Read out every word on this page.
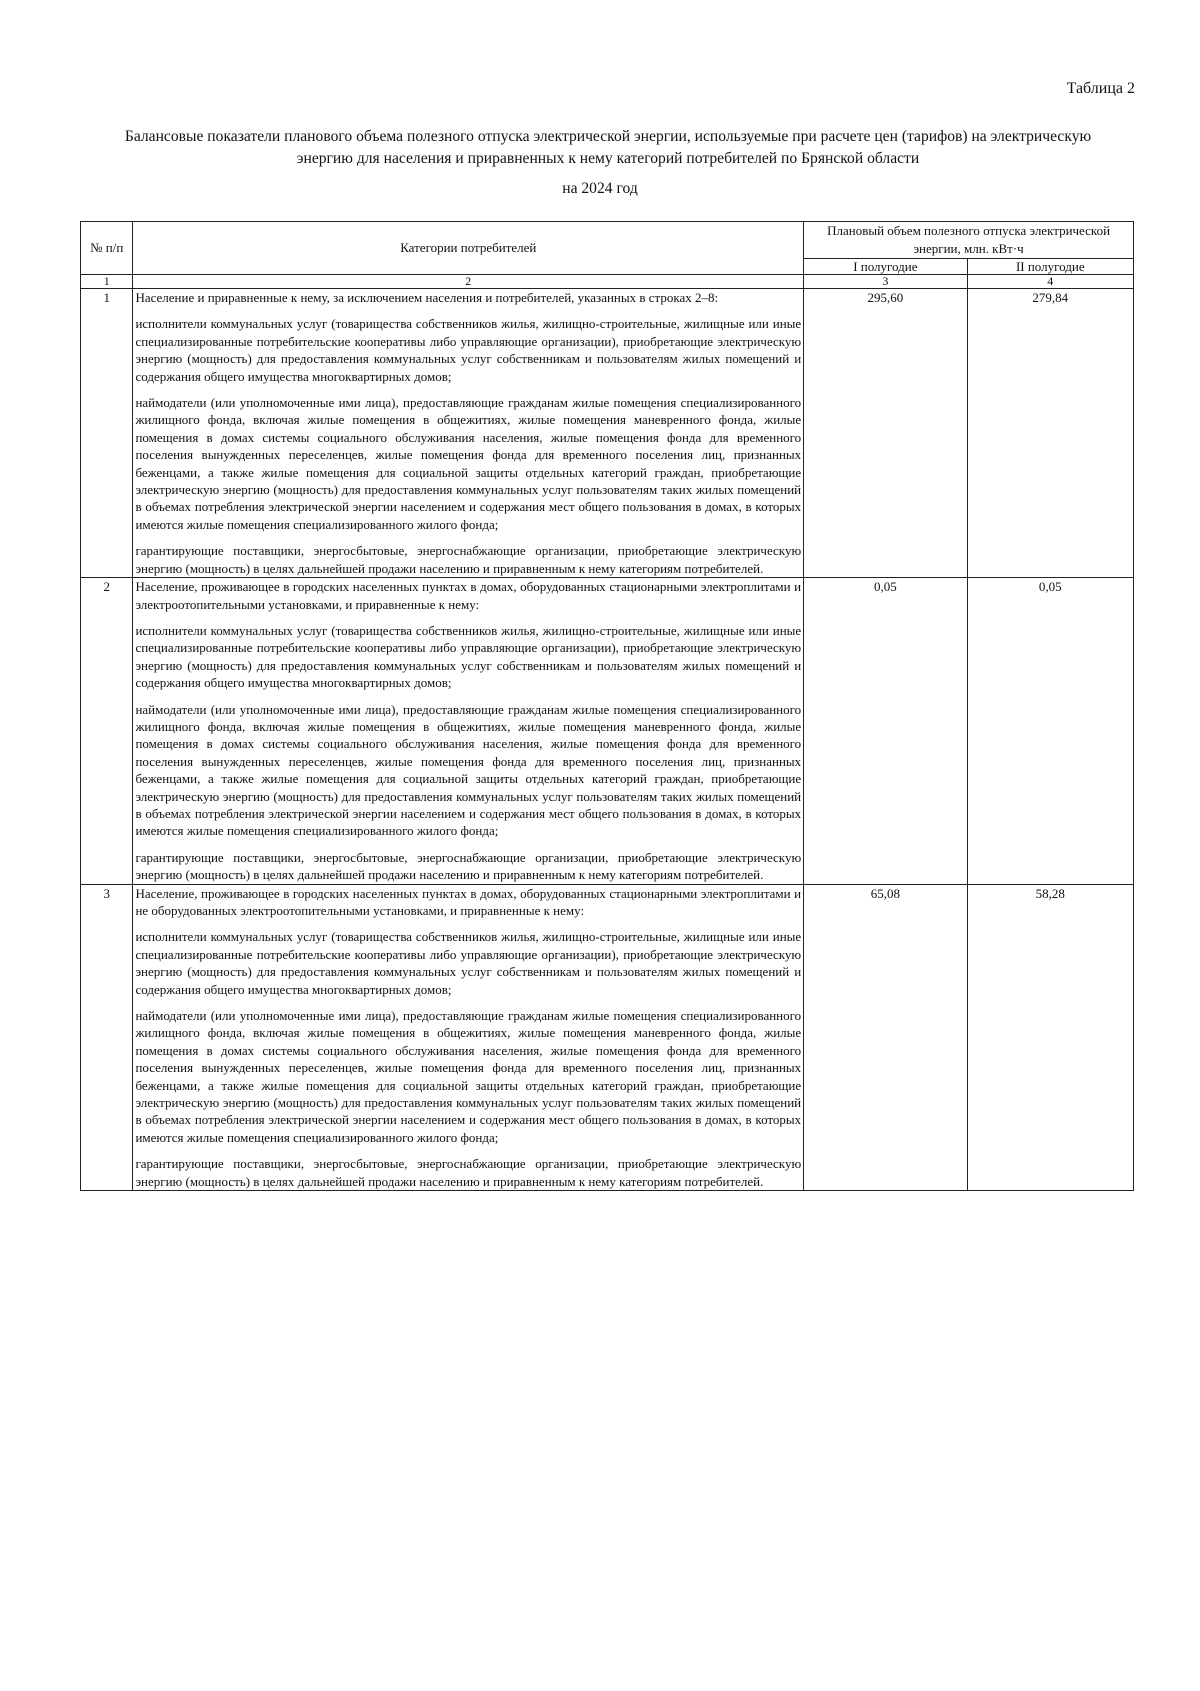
Таблица 2
Балансовые показатели планового объема полезного отпуска электрической энергии, используемые при расчете цен (тарифов) на электрическую энергию для населения и приравненных к нему категорий потребителей по Брянской области
на 2024 год
№ п/п	Категории потребителей	Плановый объем полезного отпуска электрической энергии, млн. кВт·ч	
		I полугодие	II полугодие
1	2	3	4
1	Население и приравненные к нему, за исключением населения и потребителей, указанных в строках 2–8:

исполнители коммунальных услуг (товарищества собственников жилья, жилищно-строительные, жилищные или иные специализированные потребительские кооперативы либо управляющие организации), приобретающие электрическую энергию (мощность) для предоставления коммунальных услуг собственникам и пользователям жилых помещений и содержания общего имущества многоквартирных домов;

наймодатели (или уполномоченные ими лица), предоставляющие гражданам жилые помещения специализированного жилищного фонда, включая жилые помещения в общежитиях, жилые помещения маневренного фонда, жилые помещения в домах системы социального обслуживания населения, жилые помещения фонда для временного поселения вынужденных переселенцев, жилые помещения фонда для временного поселения лиц, признанных беженцами, а также жилые помещения для социальной защиты отдельных категорий граждан, приобретающие электрическую энергию (мощность) для предоставления коммунальных услуг пользователям таких жилых помещений в объемах потребления электрической энергии населением и содержания мест общего пользования в домах, в которых имеются жилые помещения специализированного жилого фонда;

гарантирующие поставщики, энергосбытовые, энергоснабжающие организации, приобретающие электрическую энергию (мощность) в целях дальнейшей продажи населению и приравненным к нему категориям потребителей.	295,60	279,84
2	Население, проживающее в городских населенных пунктах в домах, оборудованных стационарными электроплитами и электроотопительными установками, и приравненные к нему:

исполнители коммунальных услуг (товарищества собственников жилья, жилищно-строительные, жилищные или иные специализированные потребительские кооперативы либо управляющие организации), приобретающие электрическую энергию (мощность) для предоставления коммунальных услуг собственникам и пользователям жилых помещений и содержания общего имущества многоквартирных домов;

наймодатели (или уполномоченные ими лица), предоставляющие гражданам жилые помещения специализированного жилищного фонда, включая жилые помещения в общежитиях, жилые помещения маневренного фонда, жилые помещения в домах системы социального обслуживания населения, жилые помещения фонда для временного поселения вынужденных переселенцев, жилые помещения фонда для временного поселения лиц, признанных беженцами, а также жилые помещения для социальной защиты отдельных категорий граждан, приобретающие электрическую энергию (мощность) для предоставления коммунальных услуг пользователям таких жилых помещений в объемах потребления электрической энергии населением и содержания мест общего пользования в домах, в которых имеются жилые помещения специализированного жилого фонда;

гарантирующие поставщики, энергосбытовые, энергоснабжающие организации, приобретающие электрическую энергию (мощность) в целях дальнейшей продажи населению и приравненным к нему категориям потребителей.	0,05	0,05
3	Население, проживающее в городских населенных пунктах в домах, оборудованных стационарными электроплитами и не оборудованных электроотопительными установками, и приравненные к нему:

исполнители коммунальных услуг (товарищества собственников жилья, жилищно-строительные, жилищные или иные специализированные потребительские кооперативы либо управляющие организации), приобретающие электрическую энергию (мощность) для предоставления коммунальных услуг собственникам и пользователям жилых помещений и содержания общего имущества многоквартирных домов;

наймодатели (или уполномоченные ими лица), предоставляющие гражданам жилые помещения специализированного жилищного фонда, включая жилые помещения в общежитиях, жилые помещения маневренного фонда, жилые помещения в домах системы социального обслуживания населения, жилые помещения фонда для временного поселения вынужденных переселенцев, жилые помещения фонда для временного поселения лиц, признанных беженцами, а также жилые помещения для социальной защиты отдельных категорий граждан, приобретающие электрическую энергию (мощность) для предоставления коммунальных услуг пользователям таких жилых помещений в объемах потребления электрической энергии населением и содержания мест общего пользования в домах, в которых имеются жилые помещения специализированного жилого фонда;

гарантирующие поставщики, энергосбытовые, энергоснабжающие организации, приобретающие электрическую энергию (мощность) в целях дальнейшей продажи населению и приравненным к нему категориям потребителей.	65,08	58,28
